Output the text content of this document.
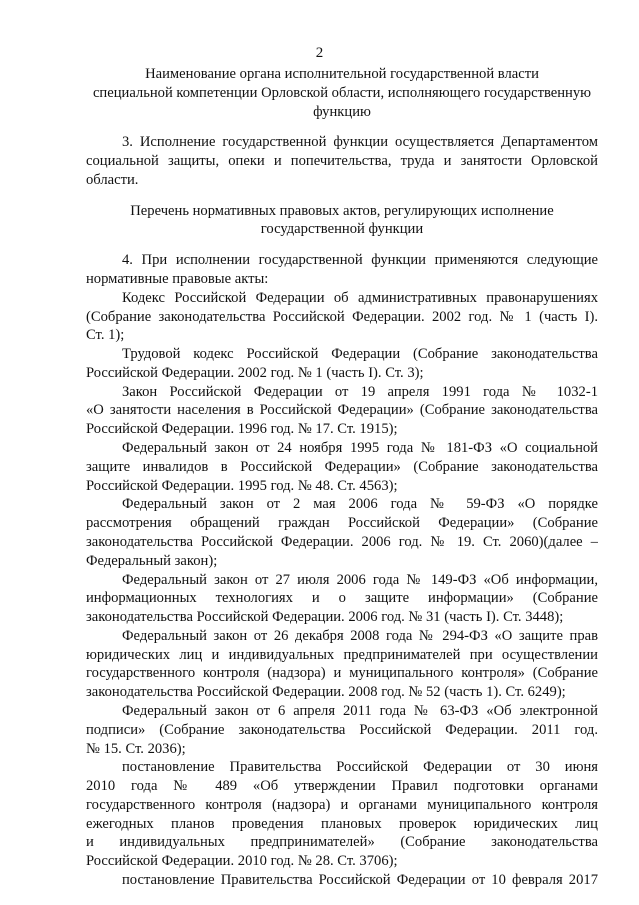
2
Наименование органа исполнительной государственной власти
специальной компетенции Орловской области, исполняющего государственную
функцию
3. Исполнение государственной функции осуществляется Департаментом
социальной защиты, опеки и попечительства, труда и занятости Орловской
области.
Перечень нормативных правовых актов, регулирующих исполнение
государственной функции
4. При исполнении государственной функции применяются следующие
нормативные правовые акты:
Кодекс Российской Федерации об административных правонарушениях
(Собрание законодательства Российской Федерации. 2002 год. № 1 (часть I).
Ст. 1);
Трудовой кодекс Российской Федерации (Собрание законодательства
Российской Федерации. 2002 год. № 1 (часть I). Ст. 3);
Закон Российской Федерации от 19 апреля 1991 года № 1032-1
«О занятости населения в Российской Федерации» (Собрание законодательства
Российской Федерации. 1996 год. № 17. Ст. 1915);
Федеральный закон от 24 ноября 1995 года № 181-ФЗ «О социальной
защите инвалидов в Российской Федерации» (Собрание законодательства
Российской Федерации. 1995 год. № 48. Ст. 4563);
Федеральный закон от 2 мая 2006 года № 59-ФЗ «О порядке
рассмотрения обращений граждан Российской Федерации» (Собрание
законодательства Российской Федерации. 2006 год. № 19. Ст. 2060)(далее –
Федеральный закон);
Федеральный закон от 27 июля 2006 года № 149-ФЗ «Об информации,
информационных технологиях и о защите информации» (Собрание
законодательства Российской Федерации. 2006 год. № 31 (часть I). Ст. 3448);
Федеральный закон от 26 декабря 2008 года № 294-ФЗ «О защите прав
юридических лиц и индивидуальных предпринимателей при осуществлении
государственного контроля (надзора) и муниципального контроля» (Собрание
законодательства Российской Федерации. 2008 год. № 52 (часть 1). Ст. 6249);
Федеральный закон от 6 апреля 2011 года № 63-ФЗ «Об электронной
подписи» (Собрание законодательства Российской Федерации. 2011 год.
№ 15. Ст. 2036);
постановление Правительства Российской Федерации от 30 июня
2010 года № 489 «Об утверждении Правил подготовки органами
государственного контроля (надзора) и органами муниципального контроля
ежегодных планов проведения плановых проверок юридических лиц
и индивидуальных предпринимателей» (Собрание законодательства
Российской Федерации. 2010 год. № 28. Ст. 3706);
постановление Правительства Российской Федерации от 10 февраля 2017
